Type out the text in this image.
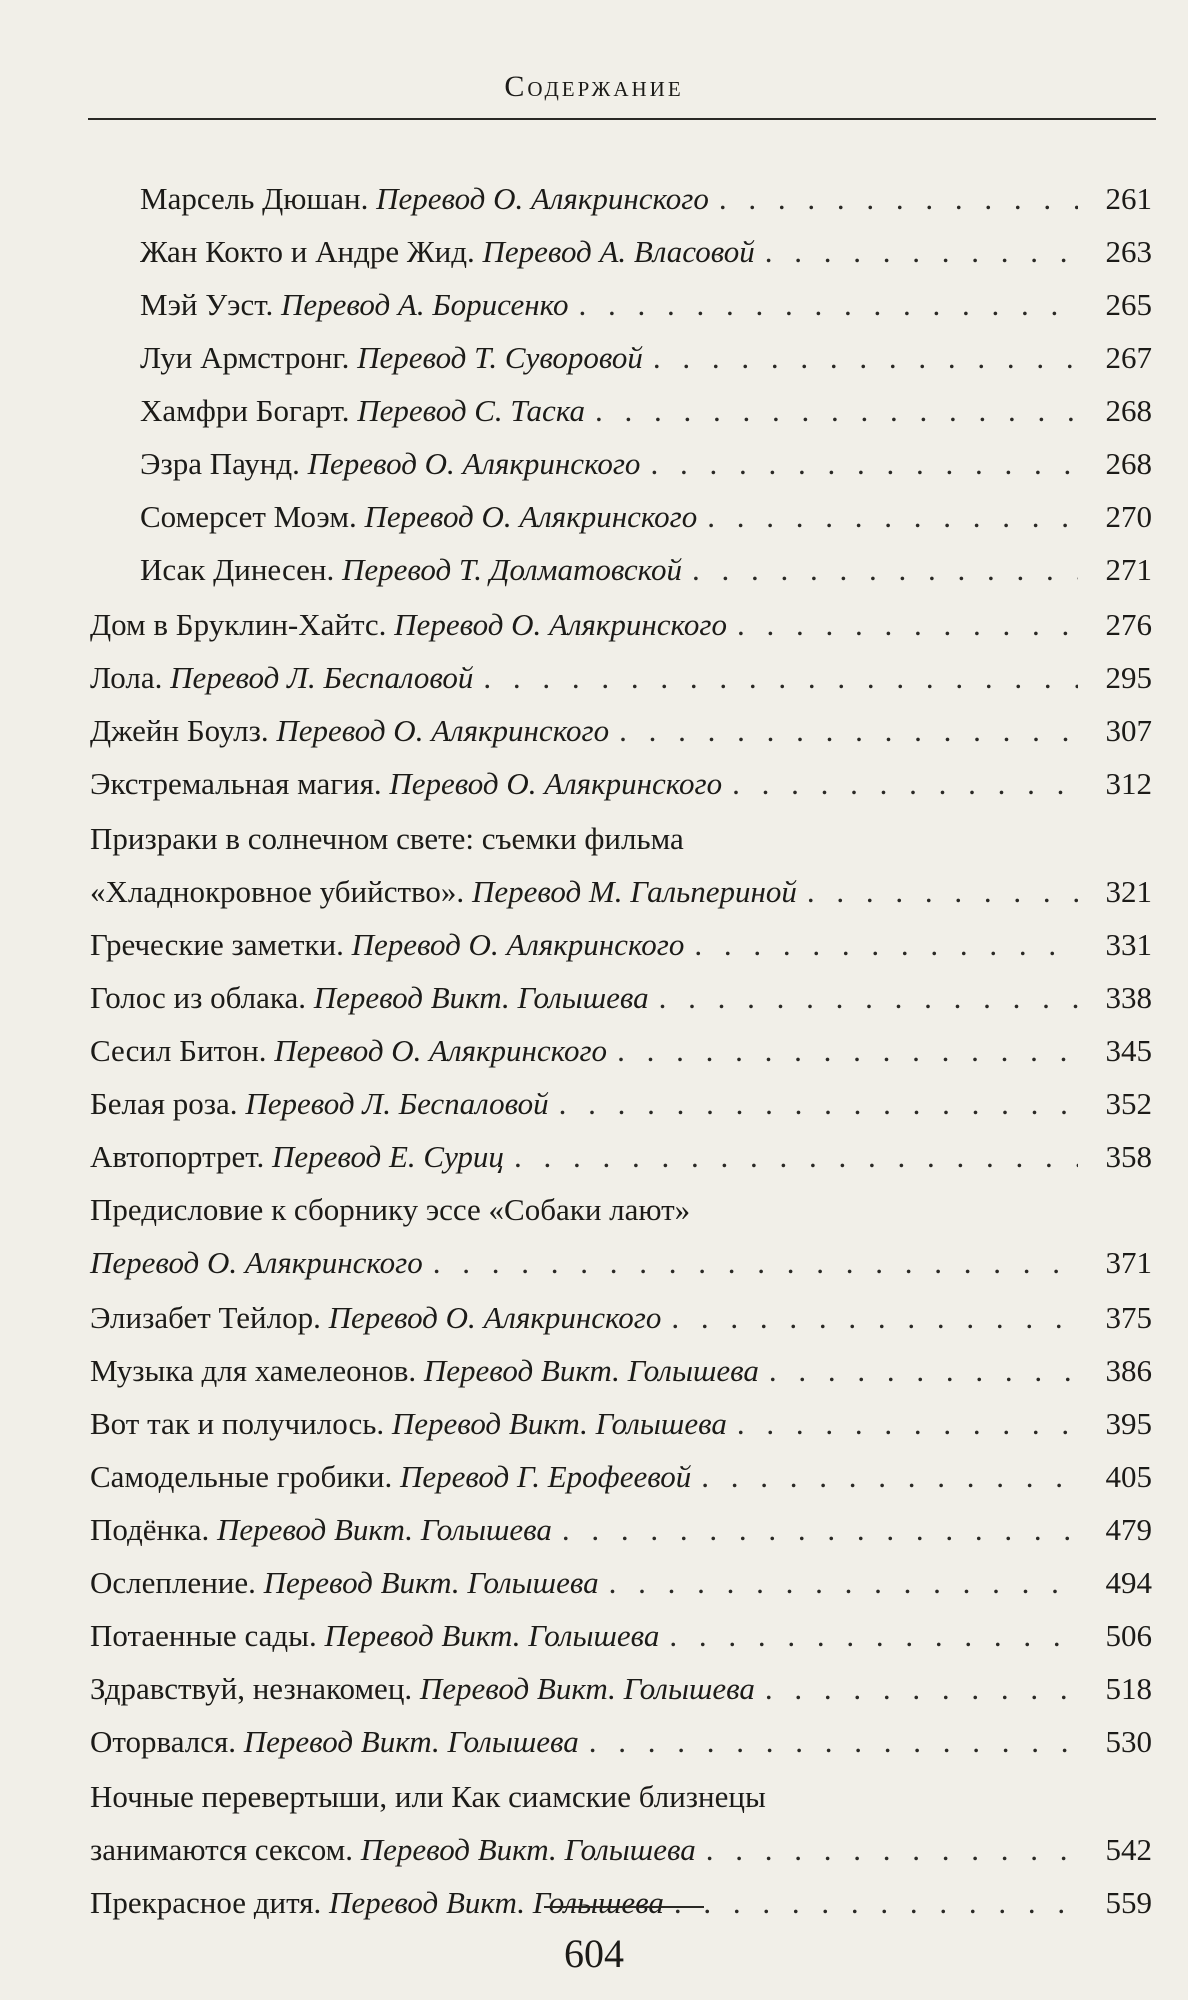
Содержание
Марсель Дюшан. Перевод О. Алякринского . . .	261
Жан Кокто и Андре Жид. Перевод А. Власовой . . .	263
Мэй Уэст. Перевод А. Борисенко . . .	265
Луи Армстронг. Перевод Т. Суворовой . . .	267
Хамфри Богарт. Перевод С. Таска . . .	268
Эзра Паунд. Перевод О. Алякринского . . .	268
Сомерсет Моэм. Перевод О. Алякринского . . .	270
Исак Динесен. Перевод Т. Долматовской . . .	271
Дом в Бруклин-Хайтс. Перевод О. Алякринского . . .	276
Лола. Перевод Л. Беспаловой . . .	295
Джейн Боулз. Перевод О. Алякринского . . .	307
Экстремальная магия. Перевод О. Алякринского . . .	312
Призраки в солнечном свете: съемки фильма
«Хладнокровное убийство». Перевод М. Гальпериной . . .	321
Греческие заметки. Перевод О. Алякринского . . .	331
Голос из облака. Перевод Викт. Голышева . . .	338
Сесил Битон. Перевод О. Алякринского . . .	345
Белая роза. Перевод Л. Беспаловой . . .	352
Автопортрет. Перевод Е. Суриц . . .	358
Предисловие к сборнику эссе «Собаки лают»
Перевод О. Алякринского . . .	371
Элизабет Тейлор. Перевод О. Алякринского . . .	375
Музыка для хамелеонов. Перевод Викт. Голышева . . .	386
Вот так и получилось. Перевод Викт. Голышева . . .	395
Самодельные гробики. Перевод Г. Ерофеевой . . .	405
Подёнка. Перевод Викт. Голышева . . .	479
Ослепление. Перевод Викт. Голышева . . .	494
Потаенные сады. Перевод Викт. Голышева . . .	506
Здравствуй, незнакомец. Перевод Викт. Голышева . . .	518
Оторвался. Перевод Викт. Голышева . . .	530
Ночные перевертыши, или Как сиамские близнецы
занимаются сексом. Перевод Викт. Голышева . . .	542
Прекрасное дитя. Перевод Викт. Голышева . . .	559
604
